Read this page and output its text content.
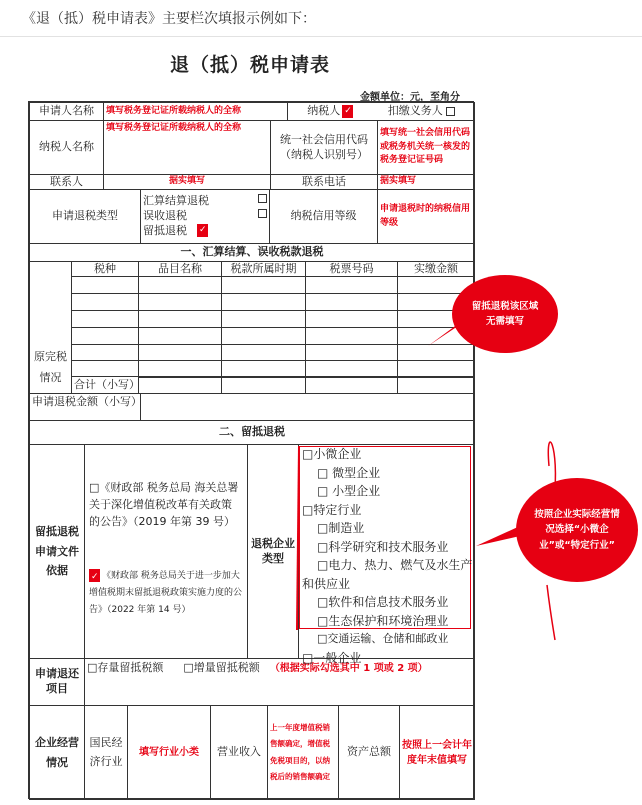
《退（抵）税申请表》主要栏次填报示例如下：
退（抵）税申请表
金额单位：元，至角分
申请人名称	填写税务登记证所载纳税人的全称	纳税人✓	扣缴义务人
纳税人名称
填写税务登记证所载纳税人的全称
统一社会信用代码（纳税人识别号）
填写统一社会信用代码或税务机关统一核发的税务登记证号码
联系人	据实填写	联系电话	据实填写
申请退税类型
汇算结算退税
误收退税
留抵退税✓
纳税信用等级
申请退税时的纳税信用等级
一、汇算结算、误收税款退税
原完税情况
税种	品目名称	税款所属时期	税票号码	实缴金额
合计（小写）
申请退税金额（小写）
二、留抵退税
留抵退税申请文件依据
□《财政部 税务总局 海关总署 关于深化增值税改革有关政策 的公告》（2019 年第 39 号）
✓《财政部 税务总局关于进一步加大增值税期末留抵退税政策实施力度的公告》（2022 年第 14 号）
退税企业类型
申请退还项目
□存量留抵税额 □增量留抵税额 （根据实际勾选其中 1 项或 2 项）
企业经营情况
国民经济行业
填写行业小类	营业收入
上一年度增值税销售额确定，增值税免税项目的，以纳税后的销售额确定
资产总额
按照上一会计年度年末值填写
□小微企业
□ 微型企业
□ 小型企业
□特定行业
□制造业
□科学研究和技术服务业
□电力、热力、燃气及水生产
和供应业
□软件和信息技术服务业
□生态保护和环境治理业
□交通运输、仓储和邮政业
□一般企业
留抵退税该区域无需填写
按照企业实际经营情况选择“小微企业”或“特定行业”
